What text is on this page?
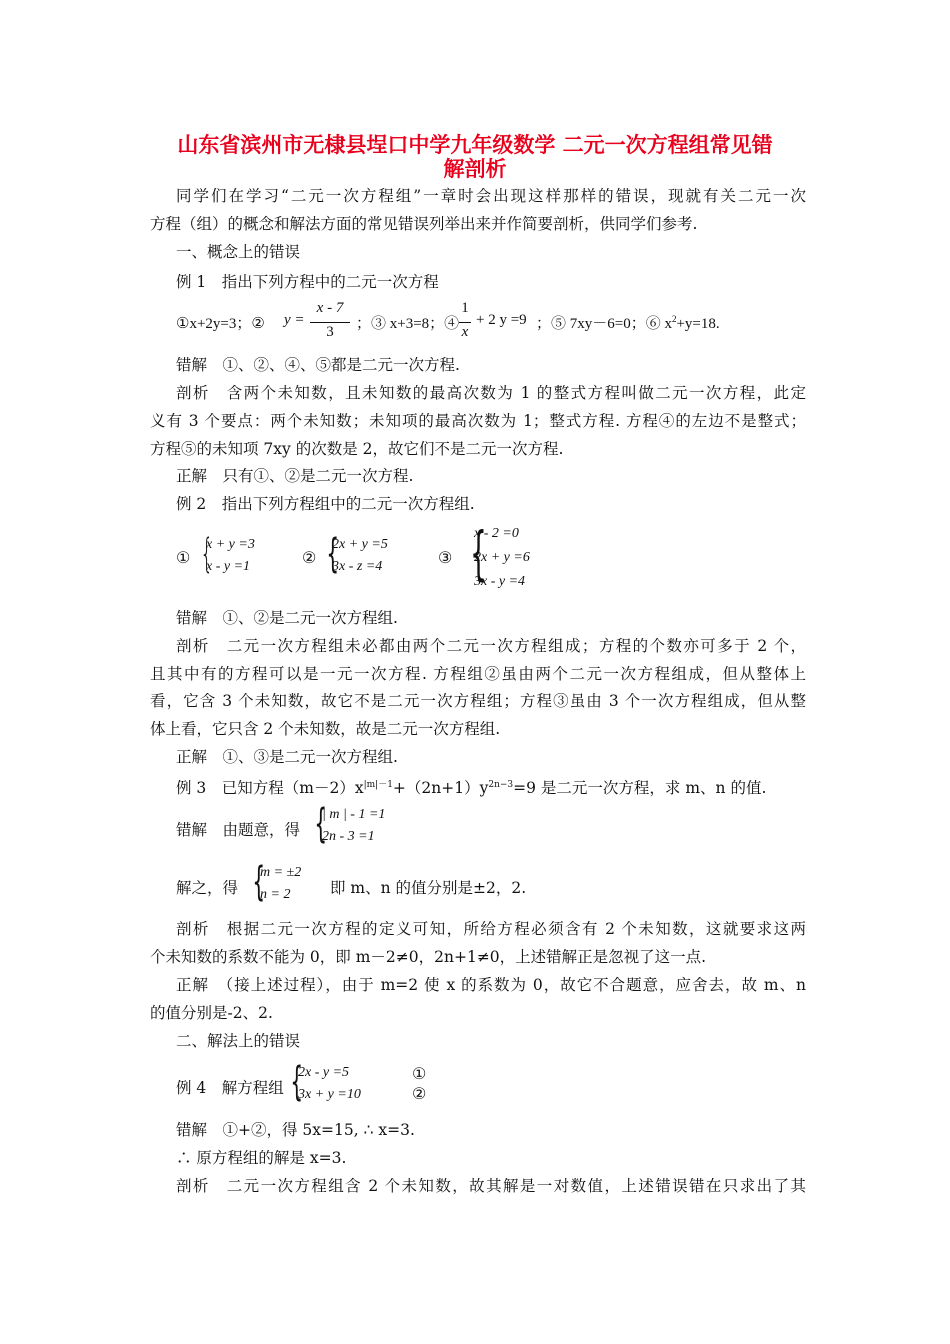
山东省滨州市无棣县埕口中学九年级数学 二元一次方程组常见错
解剖析
同学们在学习“二元一次方程组”一章时会出现这样那样的错误，现就有关二元一次
方程（组）的概念和解法方面的常见错误列举出来并作简要剖析，供同学们参考.
一、概念上的错误
例 1　指出下列方程中的二元一次方程
①x+2y=3；② y =
x - 7
3	；③ x+3=8；④
1
x
+ 2 y =9 ；⑤ 7xy－6=0；⑥ $x^2+y=18$.
错解　①、②、④、⑤都是二元一次方程.
剖析　含两个未知数，且未知数的最高次数为 1 的整式方程叫做二元一次方程，此定
义有 3 个要点：两个未知数；未知项的最高次数为 1；整式方程. 方程④的左边不是整式；
方程⑤的未知项 7xy 的次数是 2，故它们不是二元一次方程.
正解　只有①、②是二元一次方程.
例 2　指出下列方程组中的二元一次方程组.
① {
x + y =3
x - y =1	② {
2x + y =5
3x - z =4	③ {
x - 2 =0
2x + y =6
3x - y =4
错解　①、②是二元一次方程组.
剖析　二元一次方程组未必都由两个二元一次方程组成；方程的个数亦可多于 2 个，
且其中有的方程可以是一元一次方程. 方程组②虽由两个二元一次方程组成，但从整体上
看，它含 3 个未知数，故它不是二元一次方程组；方程③虽由 3 个一次方程组成，但从整
体上看，它只含 2 个未知数，故是二元一次方程组.
正解　①、③是二元一次方程组.
例 3　已知方程$(m-2)x^{|m|-1}+(2n+1)y^{2n-3}=9$ 是二元一次方程，求 m、n 的值.
错解　由题意，得 {
| m | - 1 =1
2n - 3 =1
解之，得 {
m = ±2
n = 2	即 m、n 的值分别是±2，2.
剖析　根据二元一次方程的定义可知，所给方程必须含有 2 个未知数，这就要求这两
个未知数的系数不能为 0，即 m－2≠0，2n+1≠0，上述错解正是忽视了这一点.
正解　（接上述过程），由于 m=2 使 x 的系数为 0，故它不合题意，应舍去，故 m、n
的值分别是-2、2.
二、解法上的错误
例 4　解方程组 {
2x - y =5
3x + y =10
①
②
错解　①+②，得 5x=15, ∴ x=3.
∴ 原方程组的解是 x=3.
剖析　二元一次方程组含 2 个未知数，故其解是一对数值，上述错误错在只求出了其
